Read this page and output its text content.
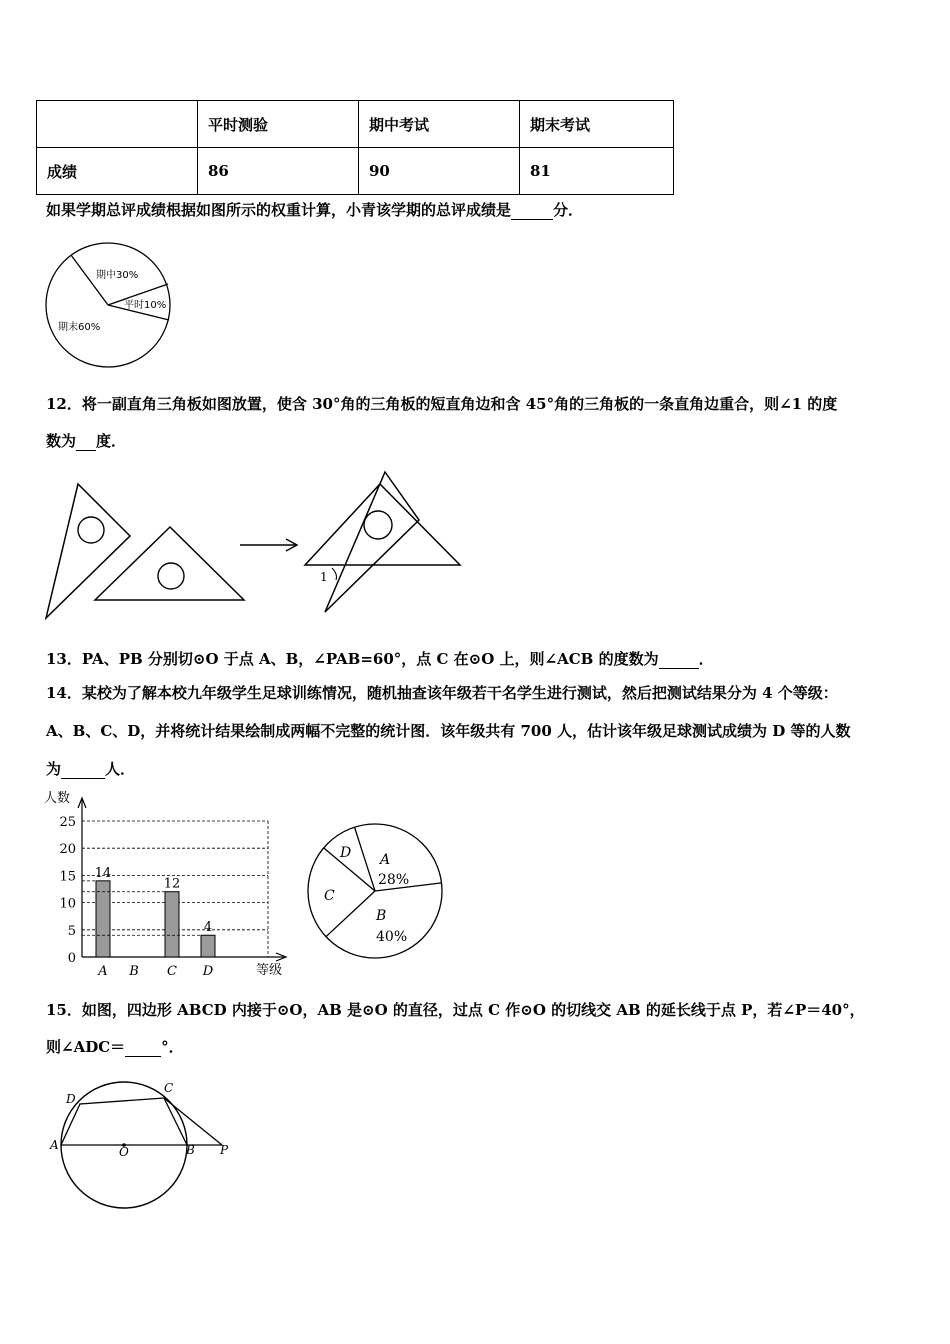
	平时测验	期中考试	期末考试
成绩	86	90	81
如果学期总评成绩根据如图所示的权重计算，小青该学期的总评成绩是	分．
期中30%
平时10%
期末60%
12．将一副直角三角板如图放置，使含 30°角的三角板的短直角边和含 45°角的三角板的一条直角边重合，则∠1 的度
数为 度．
1
13．PA、PB 分别切⊙O 于点 A、B，∠PAB=60°，点 C 在⊙O 上，则∠ACB 的度数为	．
14．某校为了解本校九年级学生足球训练情况，随机抽查该年级若干名学生进行测试，然后把测试结果分为 4 个等级：
A、B、C、D，并将统计结果绘制成两幅不完整的统计图．该年级共有 700 人，估计该年级足球测试成绩为 D 等的人数
为	人．
人数
等级
0
5
10
15
20
25
A
14
B C
12
D
4
A
28%
B
40%
C
D
15．如图，四边形 ABCD 内接于⊙O，AB 是⊙O 的直径，过点 C 作⊙O 的切线交 AB 的延长线于点 P，若∠P＝40°，
则∠ADC＝ °．
D
C
A	O	B P
